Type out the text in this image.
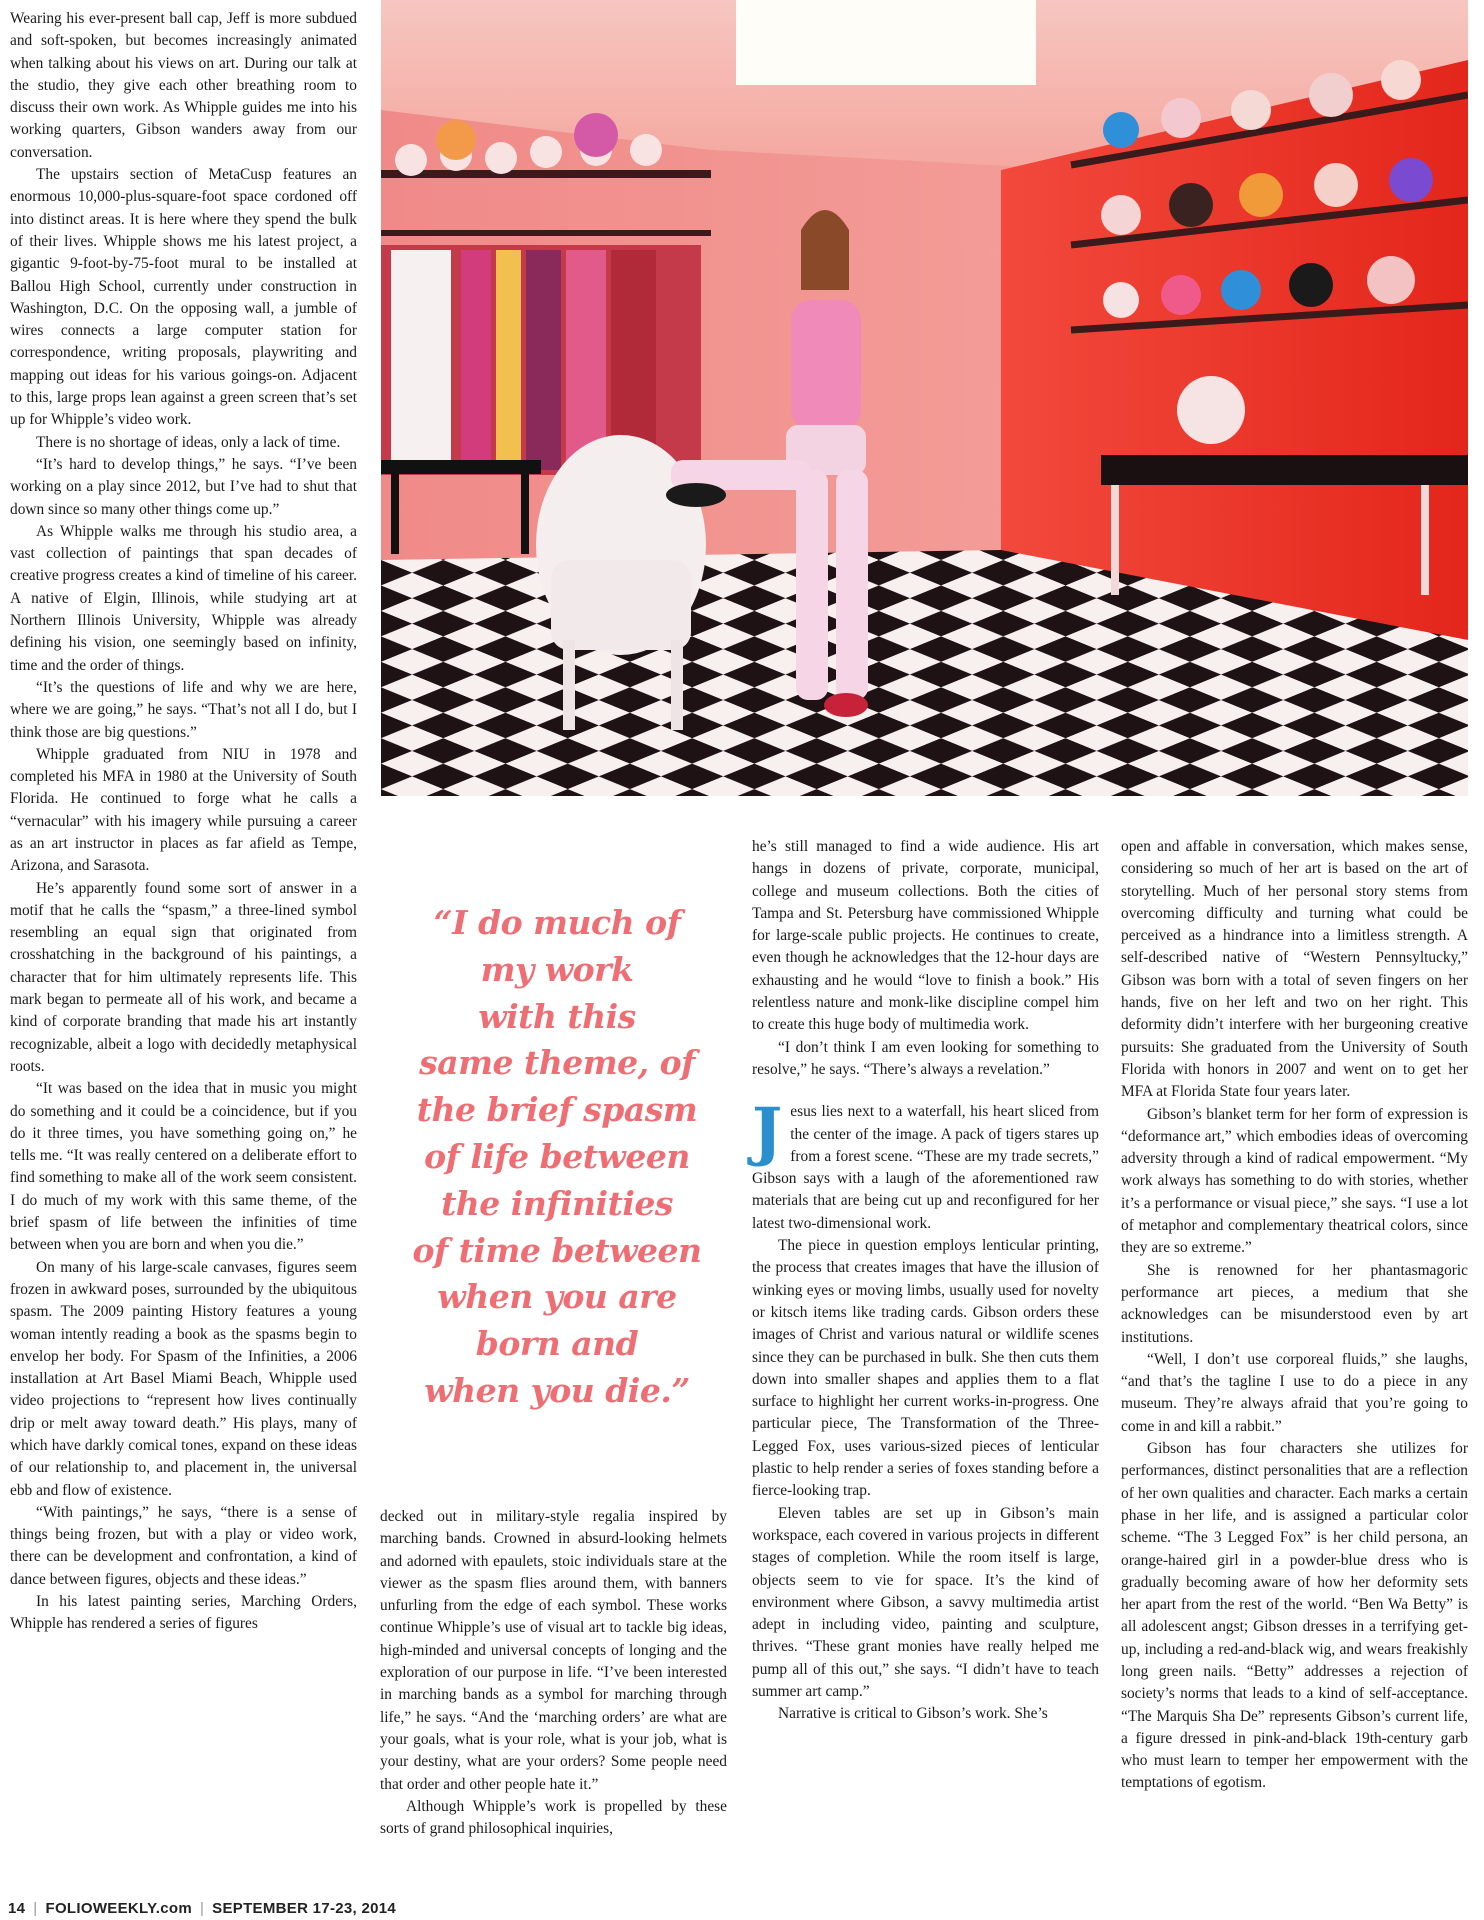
Wearing his ever-present ball cap, Jeff is more subdued and soft-spoken, but becomes increasingly animated when talking about his views on art. During our talk at the studio, they give each other breathing room to discuss their own work. As Whipple guides me into his working quarters, Gibson wanders away from our conversation.

The upstairs section of MetaCusp features an enormous 10,000-plus-square-foot space cordoned off into distinct areas. It is here where they spend the bulk of their lives. Whipple shows me his latest project, a gigantic 9-foot-by-75-foot mural to be installed at Ballou High School, currently under construction in Washington, D.C. On the opposing wall, a jumble of wires connects a large computer station for correspondence, writing proposals, playwriting and mapping out ideas for his various goings-on. Adjacent to this, large props lean against a green screen that’s set up for Whipple’s video work.

There is no shortage of ideas, only a lack of time.

“It’s hard to develop things,” he says. “I’ve been working on a play since 2012, but I’ve had to shut that down since so many other things come up.”

As Whipple walks me through his studio area, a vast collection of paintings that span decades of creative progress creates a kind of timeline of his career. A native of Elgin, Illinois, while studying art at Northern Illinois University, Whipple was already defining his vision, one seemingly based on infinity, time and the order of things.

“It’s the questions of life and why we are here, where we are going,” he says. “That’s not all I do, but I think those are big questions.”

Whipple graduated from NIU in 1978 and completed his MFA in 1980 at the University of South Florida. He continued to forge what he calls a “vernacular” with his imagery while pursuing a career as an art instructor in places as far afield as Tempe, Arizona, and Sarasota.

He’s apparently found some sort of answer in a motif that he calls the “spasm,” a three-lined symbol resembling an equal sign that originated from crosshatching in the background of his paintings, a character that for him ultimately represents life. This mark began to permeate all of his work, and became a kind of corporate branding that made his art instantly recognizable, albeit a logo with decidedly metaphysical roots.

“It was based on the idea that in music you might do something and it could be a coincidence, but if you do it three times, you have something going on,” he tells me. “It was really centered on a deliberate effort to find something to make all of the work seem consistent. I do much of my work with this same theme, of the brief spasm of life between the infinities of time between when you are born and when you die.”

On many of his large-scale canvases, figures seem frozen in awkward poses, surrounded by the ubiquitous spasm. The 2009 painting History features a young woman intently reading a book as the spasms begin to envelop her body. For Spasm of the Infinities, a 2006 installation at Art Basel Miami Beach, Whipple used video projections to “represent how lives continually drip or melt away toward death.” His plays, many of which have darkly comical tones, expand on these ideas of our relationship to, and placement in, the universal ebb and flow of existence.

“With paintings,” he says, “there is a sense of things being frozen, but with a play or video work, there can be development and confrontation, a kind of dance between figures, objects and these ideas.”

In his latest painting series, Marching Orders, Whipple has rendered a series of figures

“I do much of
my work
with this
same theme, of
the brief spasm
of life between
the infinities
of time between
when you are
born and
when you die.”

decked out in military-style regalia inspired by marching bands. Crowned in absurd-looking helmets and adorned with epaulets, stoic individuals stare at the viewer as the spasm flies around them, with banners unfurling from the edge of each symbol. These works continue Whipple’s use of visual art to tackle big ideas, high-minded and universal concepts of longing and the exploration of our purpose in life. “I’ve been interested in marching bands as a symbol for marching through life,” he says. “And the ‘marching orders’ are what are your goals, what is your role, what is your job, what is your destiny, what are your orders? Some people need that order and other people hate it.”

Although Whipple’s work is propelled by these sorts of grand philosophical inquiries,

he’s still managed to find a wide audience. His art hangs in dozens of private, corporate, municipal, college and museum collections. Both the cities of Tampa and St. Petersburg have commissioned Whipple for large-scale public projects. He continues to create, even though he acknowledges that the 12-hour days are exhausting and he would “love to finish a book.” His relentless nature and monk-like discipline compel him to create this huge body of multimedia work.

“I don’t think I am even looking for something to resolve,” he says. “There’s always a revelation.”

Jesus lies next to a waterfall, his heart sliced from the center of the image. A pack of tigers stares up from a forest scene. “These are my trade secrets,” Gibson says with a laugh of the aforementioned raw materials that are being cut up and reconfigured for her latest two-dimensional work.

The piece in question employs lenticular printing, the process that creates images that have the illusion of winking eyes or moving limbs, usually used for novelty or kitsch items like trading cards. Gibson orders these images of Christ and various natural or wildlife scenes since they can be purchased in bulk. She then cuts them down into smaller shapes and applies them to a flat surface to highlight her current works-in-progress. One particular piece, The Transformation of the Three-Legged Fox, uses various-sized pieces of lenticular plastic to help render a series of foxes standing before a fierce-looking trap.

Eleven tables are set up in Gibson’s main workspace, each covered in various projects in different stages of completion. While the room itself is large, objects seem to vie for space. It’s the kind of environment where Gibson, a savvy multimedia artist adept in including video, painting and sculpture, thrives. “These grant monies have really helped me pump all of this out,” she says. “I didn’t have to teach summer art camp.”

Narrative is critical to Gibson’s work. She’s

open and affable in conversation, which makes sense, considering so much of her art is based on the art of storytelling. Much of her personal story stems from overcoming difficulty and turning what could be perceived as a hindrance into a limitless strength. A self-described native of “Western Pennsyltucky,” Gibson was born with a total of seven fingers on her hands, five on her left and two on her right. This deformity didn’t interfere with her burgeoning creative pursuits: She graduated from the University of South Florida with honors in 2007 and went on to get her MFA at Florida State four years later.

Gibson’s blanket term for her form of expression is “deformance art,” which embodies ideas of overcoming adversity through a kind of radical empowerment. “My work always has something to do with stories, whether it’s a performance or visual piece,” she says. “I use a lot of metaphor and complementary theatrical colors, since they are so extreme.”

She is renowned for her phantasmagoric performance art pieces, a medium that she acknowledges can be misunderstood even by art institutions.

“Well, I don’t use corporeal fluids,” she laughs, “and that’s the tagline I use to do a piece in any museum. They’re always afraid that you’re going to come in and kill a rabbit.”

Gibson has four characters she utilizes for performances, distinct personalities that are a reflection of her own qualities and character. Each marks a certain phase in her life, and is assigned a particular color scheme. “The 3 Legged Fox” is her child persona, an orange-haired girl in a powder-blue dress who is gradually becoming aware of how her deformity sets her apart from the rest of the world. “Ben Wa Betty” is all adolescent angst; Gibson dresses in a terrifying get-up, including a red-and-black wig, and wears freakishly long green nails. “Betty” addresses a rejection of society’s norms that leads to a kind of self-acceptance. “The Marquis Sha De” represents Gibson’s current life, a figure dressed in pink-and-black 19th-century garb who must learn to temper her empowerment with the temptations of egotism.

14 | FOLIOWEEKLY.com | SEPTEMBER 17-23, 2014
